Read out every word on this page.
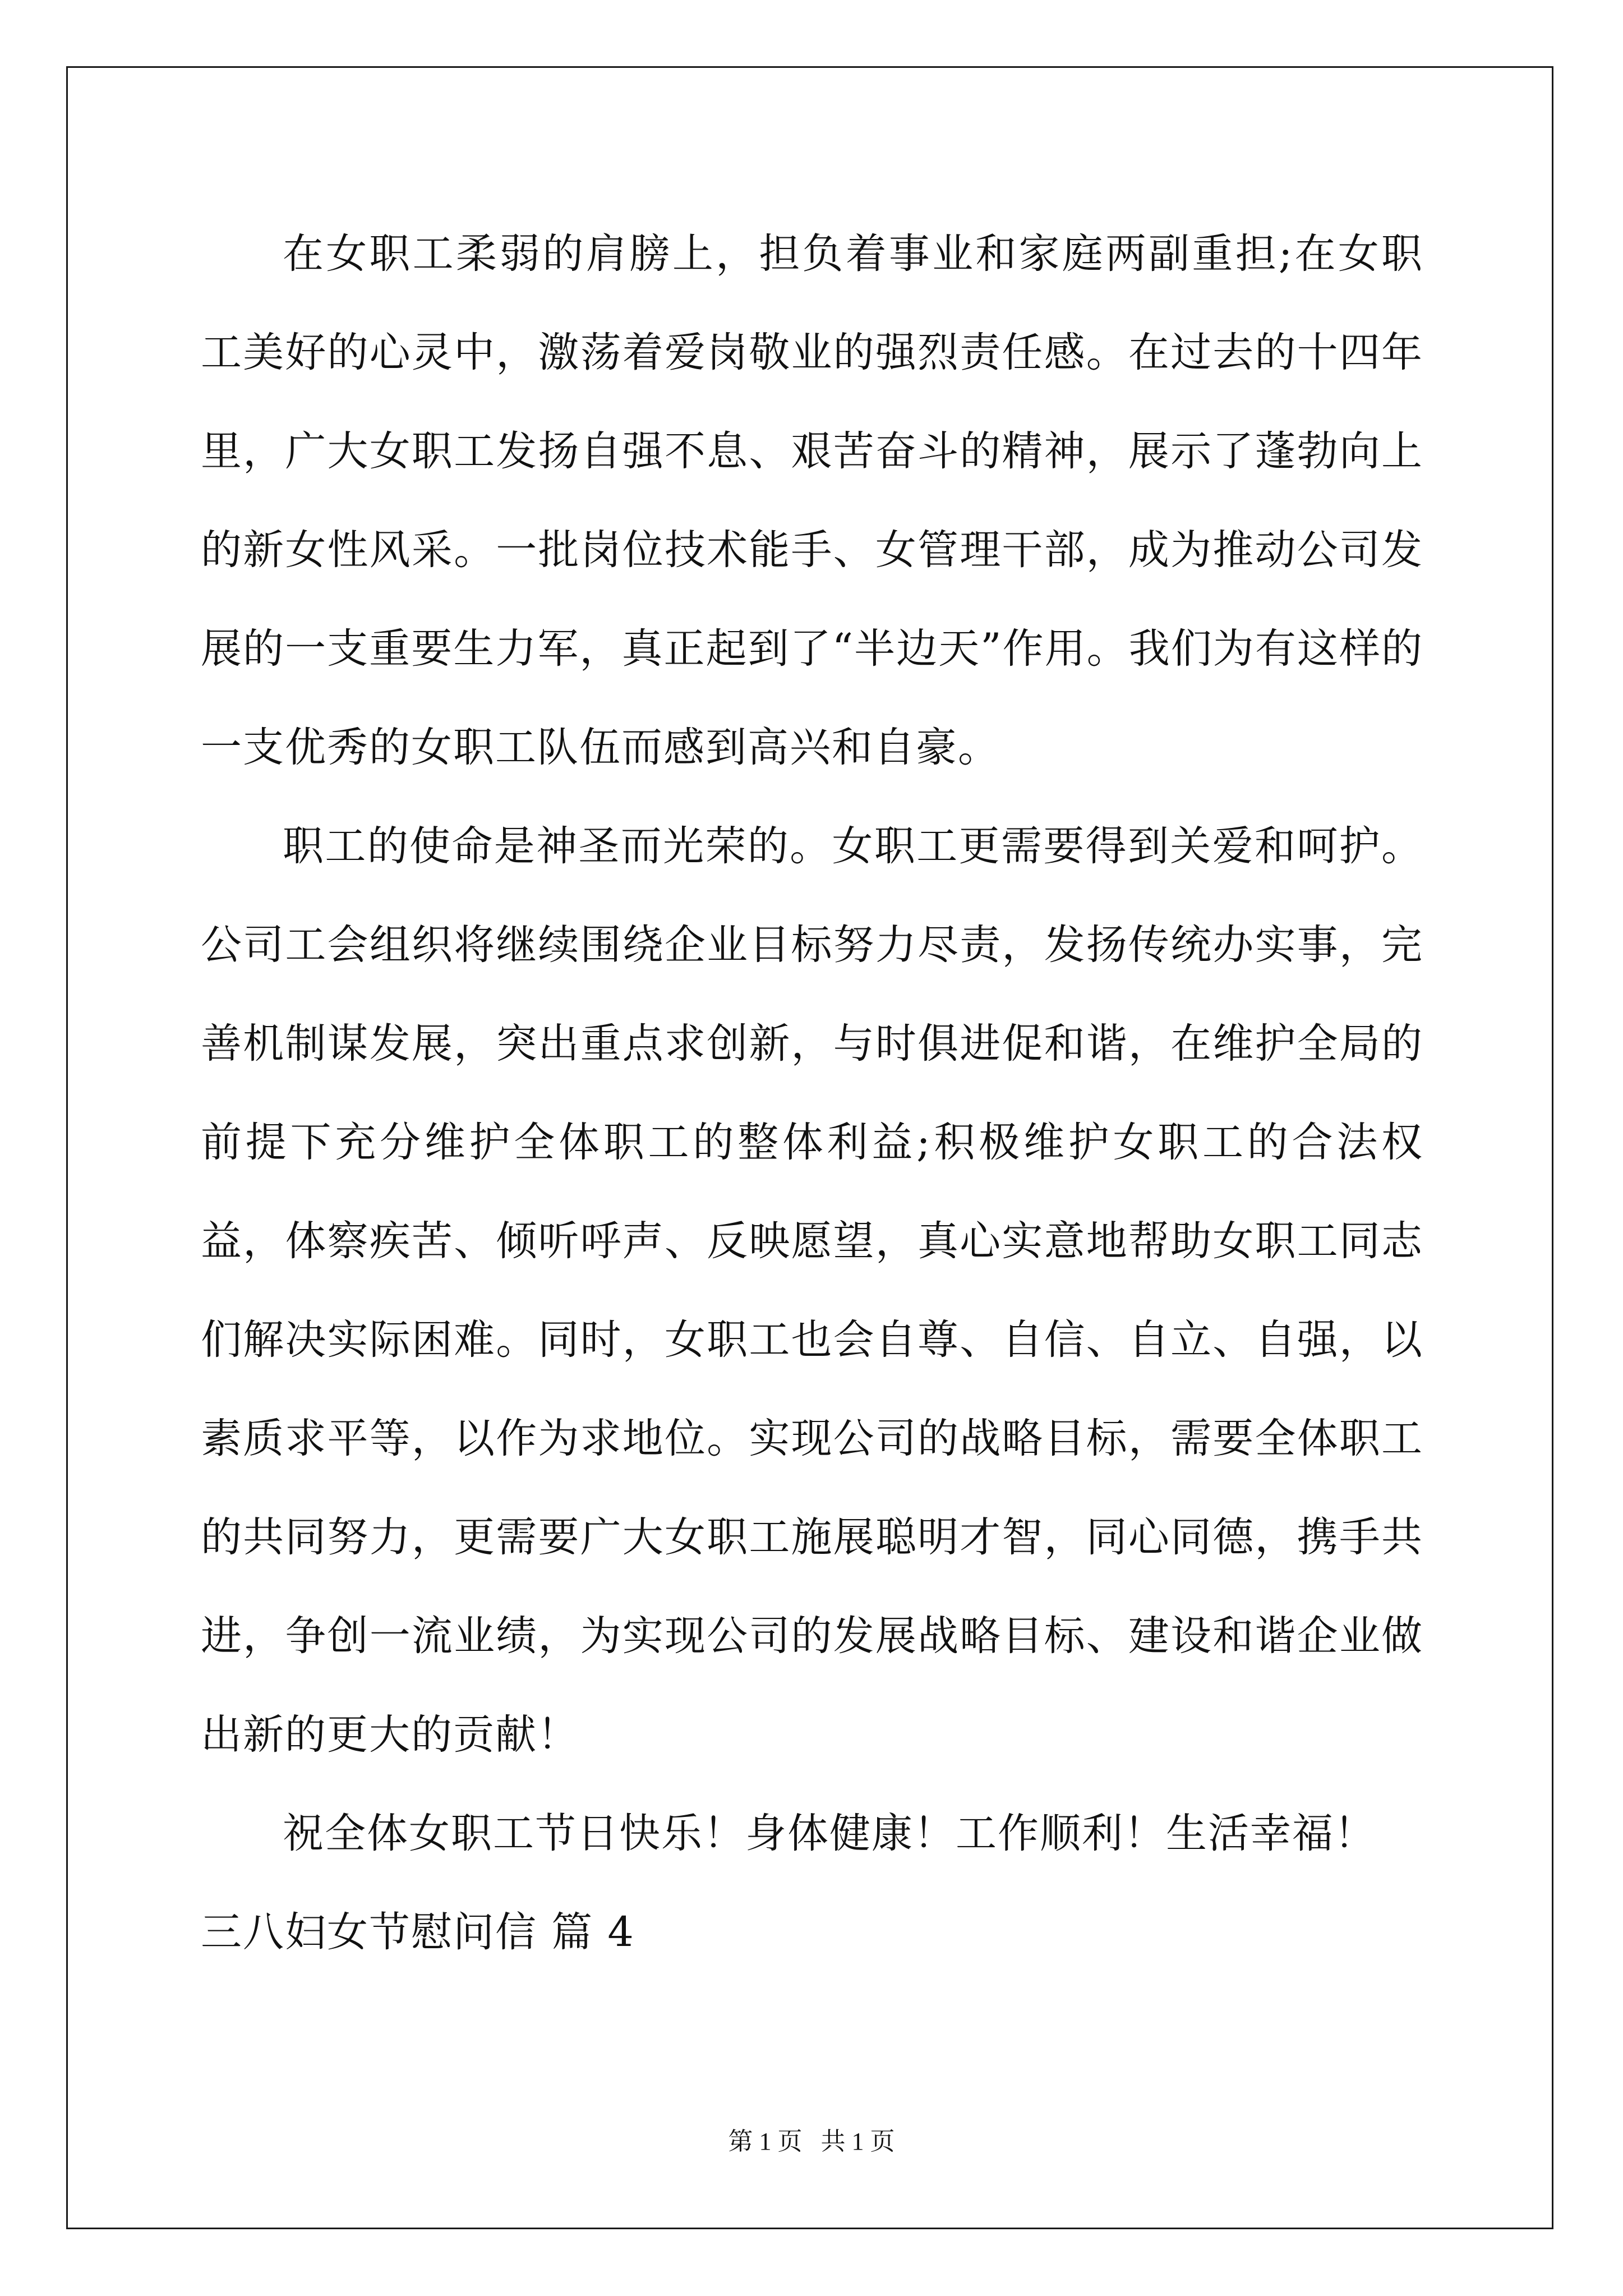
在女职工柔弱的肩膀上，担负着事业和家庭两副重担;在女职工美好的心灵中，激荡着爱岗敬业的强烈责任感。在过去的十四年里，广大女职工发扬自强不息、艰苦奋斗的精神，展示了蓬勃向上的新女性风采。一批岗位技术能手、女管理干部，成为推动公司发展的一支重要生力军，真正起到了“半边天”作用。我们为有这样的一支优秀的女职工队伍而感到高兴和自豪。

职工的使命是神圣而光荣的。女职工更需要得到关爱和呵护。公司工会组织将继续围绕企业目标努力尽责，发扬传统办实事，完善机制谋发展，突出重点求创新，与时俱进促和谐，在维护全局的前提下充分维护全体职工的整体利益;积极维护女职工的合法权益，体察疾苦、倾听呼声、反映愿望，真心实意地帮助女职工同志们解决实际困难。同时，女职工也会自尊、自信、自立、自强，以素质求平等，以作为求地位。实现公司的战略目标，需要全体职工的共同努力，更需要广大女职工施展聪明才智，同心同德，携手共进，争创一流业绩，为实现公司的发展战略目标、建设和谐企业做出新的更大的贡献！

祝全体女职工节日快乐！身体健康！工作顺利！生活幸福！

三八妇女节慰问信 篇 4

第 1 页   共 1 页
